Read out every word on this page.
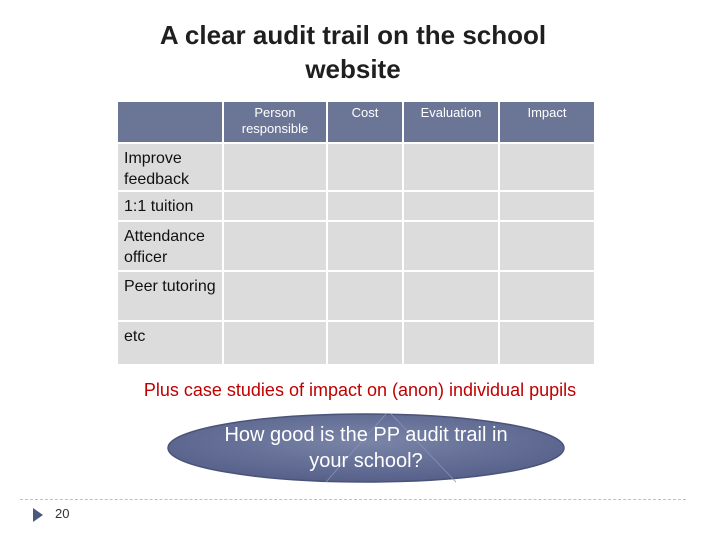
A clear audit trail on the school website
	Person responsible	Cost	Evaluation	Impact
Improve feedback				
1:1 tuition				
Attendance officer				
Peer tutoring				
etc				

Plus case studies of impact on (anon) individual pupils

How good is the PP audit trail in your school?
20
